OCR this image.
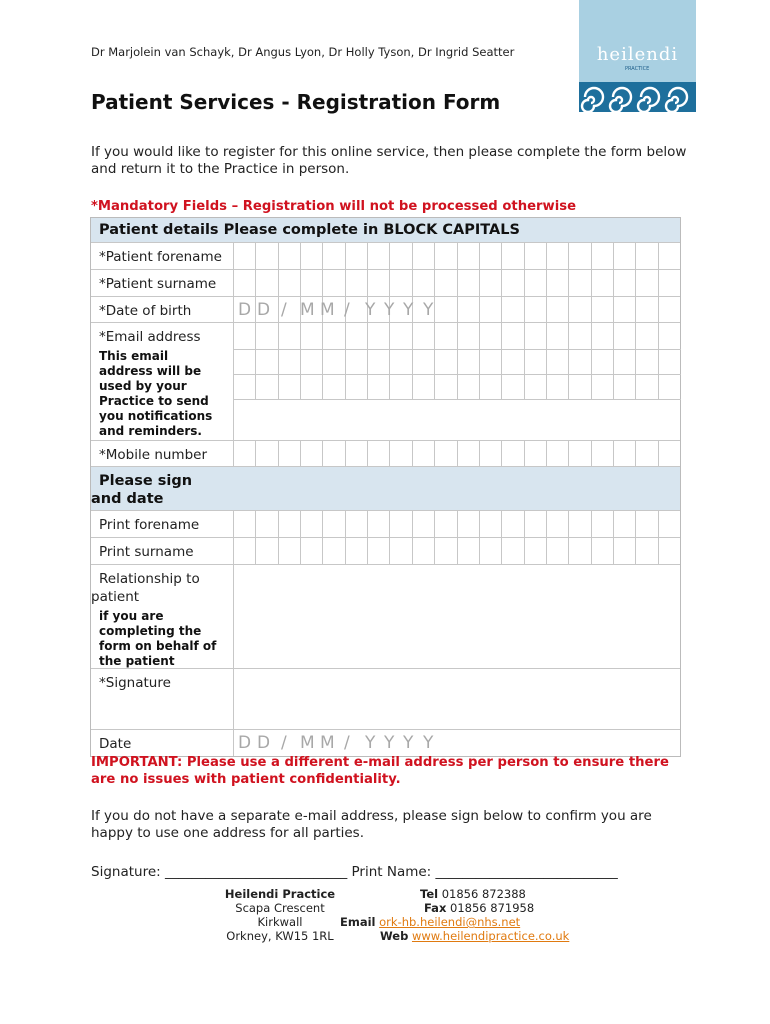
Dr Marjolein van Schayk, Dr Angus Lyon, Dr Holly Tyson, Dr Ingrid Seatter	heilendi
PRACTICE
Patient Services - Registration Form
If you would like to register for this online service, then please complete the form below and return it to the Practice in person.
*Mandatory Fields – Registration will not be processed otherwise
Patient details Please complete in BLOCK CAPITALS
*Patient forename
*Patient surname
*Date of birth	D D / M M / Y Y Y Y
*Email address
This email address will be used by your Practice to send you notifications and reminders.
*Mobile number
Please sign
and date
Print forename
Print surname
Relationship to
patient
if you are completing the form on behalf of the patient
*Signature
Date	D D / M M / Y Y Y Y
IMPORTANT: Please use a different e-mail address per person to ensure there are no issues with patient confidentiality.
If you do not have a separate e-mail address, please sign below to confirm you are happy to use one address for all parties.
Signature: ___________________________ Print Name: ___________________________
Heilendi Practice
Scapa Crescent
Kirkwall
Orkney, KW15 1RL
Tel 01856 872388
Fax 01856 871958
Email ork-hb.heilendi@nhs.net
Web www.heilendipractice.co.uk
